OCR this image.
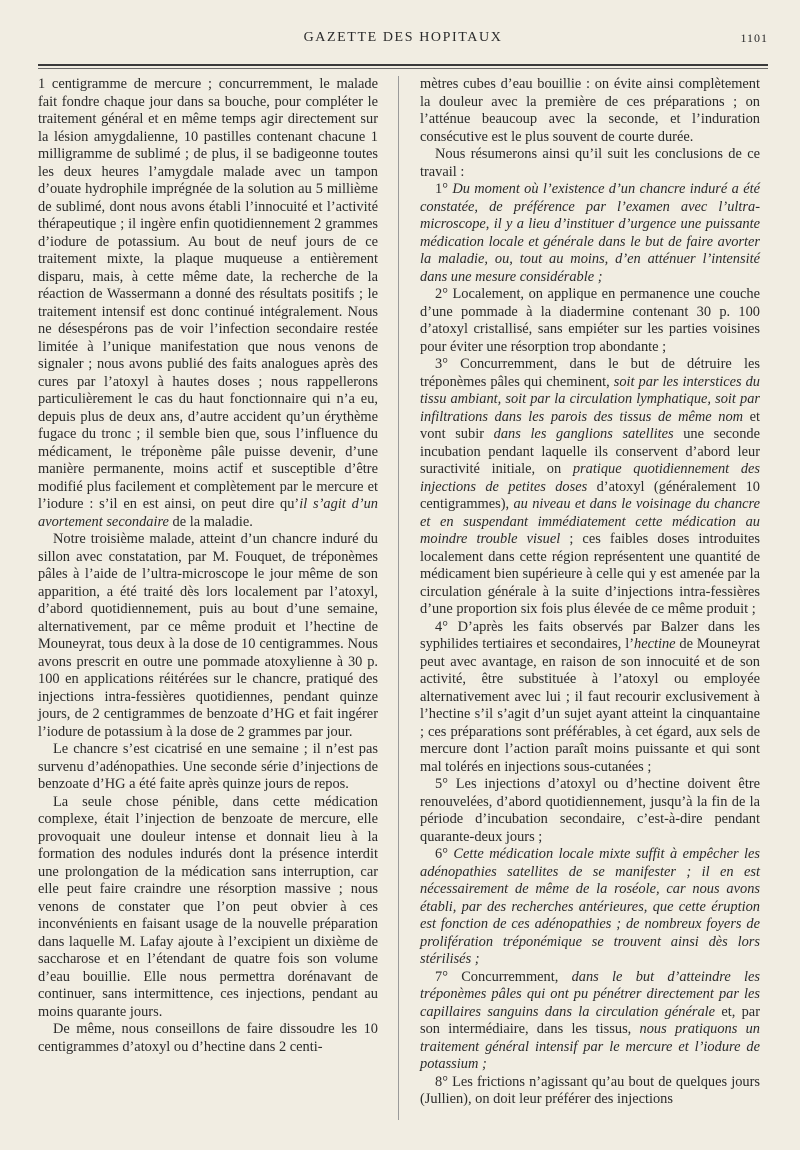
GAZETTE DES HOPITAUX	1101

1 centigramme de mercure ; concurremment, le malade fait fondre chaque jour dans sa bouche, pour compléter le traitement général et en même temps agir directement sur la lésion amygdalienne, 10 pastilles contenant chacune 1 milligramme de sublimé ; de plus, il se badigeonne toutes les deux heures l’amygdale malade avec un tampon d’ouate hydrophile imprégnée de la solution au 5 millième de sublimé, dont nous avons établi l’innocuité et l’activité thérapeutique ; il ingère enfin quotidiennement 2 grammes d’iodure de potassium. Au bout de neuf jours de ce traitement mixte, la plaque muqueuse a entièrement disparu, mais, à cette même date, la recherche de la réaction de Wassermann a donné des résultats positifs ; le traitement intensif est donc continué intégralement. Nous ne désespérons pas de voir l’infection secondaire restée limitée à l’unique manifestation que nous venons de signaler ; nous avons publié des faits analogues après des cures par l’atoxyl à hautes doses ; nous rappellerons particulièrement le cas du haut fonctionnaire qui n’a eu, depuis plus de deux ans, d’autre accident qu’un érythème fugace du tronc ; il semble bien que, sous l’influence du médicament, le tréponème pâle puisse devenir, d’une manière permanente, moins actif et susceptible d’être modifié plus facilement et complètement par le mercure et l’iodure : s’il en est ainsi, on peut dire qu’il s’agit d’un avortement secondaire de la maladie.

Notre troisième malade, atteint d’un chancre induré du sillon avec constatation, par M. Fouquet, de tréponèmes pâles à l’aide de l’ultra-microscope le jour même de son apparition, a été traité dès lors localement par l’atoxyl, d’abord quotidiennement, puis au bout d’une semaine, alternativement, par ce même produit et l’hectine de Mouneyrat, tous deux à la dose de 10 centigrammes. Nous avons prescrit en outre une pommade atoxylienne à 30 p. 100 en applications réitérées sur le chancre, pratiqué des injections intra-fessières quotidiennes, pendant quinze jours, de 2 centigrammes de benzoate d’HG et fait ingérer l’iodure de potassium à la dose de 2 grammes par jour.

Le chancre s’est cicatrisé en une semaine ; il n’est pas survenu d’adénopathies. Une seconde série d’injections de benzoate d’HG a été faite après quinze jours de repos.

La seule chose pénible, dans cette médication complexe, était l’injection de benzoate de mercure, elle provoquait une douleur intense et donnait lieu à la formation des nodules indurés dont la présence interdit une prolongation de la médication sans interruption, car elle peut faire craindre une résorption massive ; nous venons de constater que l’on peut obvier à ces inconvénients en faisant usage de la nouvelle préparation dans laquelle M. Lafay ajoute à l’excipient un dixième de saccharose et en l’étendant de quatre fois son volume d’eau bouillie. Elle nous permettra dorénavant de continuer, sans intermittence, ces injections, pendant au moins quarante jours.

De même, nous conseillons de faire dissoudre les 10 centigrammes d’atoxyl ou d’hectine dans 2 centi-

mètres cubes d’eau bouillie : on évite ainsi complètement la douleur avec la première de ces préparations ; on l’atténue beaucoup avec la seconde, et l’induration consécutive est le plus souvent de courte durée.

Nous résumerons ainsi qu’il suit les conclusions de ce travail :

1° Du moment où l’existence d’un chancre induré a été constatée, de préférence par l’examen avec l’ultra-microscope, il y a lieu d’instituer d’urgence une puissante médication locale et générale dans le but de faire avorter la maladie, ou, tout au moins, d’en atténuer l’intensité dans une mesure considérable ;

2° Localement, on applique en permanence une couche d’une pommade à la diadermine contenant 30 p. 100 d’atoxyl cristallisé, sans empiéter sur les parties voisines pour éviter une résorption trop abondante ;

3° Concurremment, dans le but de détruire les tréponèmes pâles qui cheminent, soit par les interstices du tissu ambiant, soit par la circulation lymphatique, soit par infiltrations dans les parois des tissus de même nom et vont subir dans les ganglions satellites une seconde incubation pendant laquelle ils conservent d’abord leur suractivité initiale, on pratique quotidiennement des injections de petites doses d’atoxyl (généralement 10 centigrammes), au niveau et dans le voisinage du chancre et en suspendant immédiatement cette médication au moindre trouble visuel ; ces faibles doses introduites localement dans cette région représentent une quantité de médicament bien supérieure à celle qui y est amenée par la circulation générale à la suite d’injections intra-fessières d’une proportion six fois plus élevée de ce même produit ;

4° D’après les faits observés par Balzer dans les syphilides tertiaires et secondaires, l’hectine de Mouneyrat peut avec avantage, en raison de son innocuité et de son activité, être substituée à l’atoxyl ou employée alternativement avec lui ; il faut recourir exclusivement à l’hectine s’il s’agit d’un sujet ayant atteint la cinquantaine ; ces préparations sont préférables, à cet égard, aux sels de mercure dont l’action paraît moins puissante et qui sont mal tolérés en injections sous-cutanées ;

5° Les injections d’atoxyl ou d’hectine doivent être renouvelées, d’abord quotidiennement, jusqu’à la fin de la période d’incubation secondaire, c’est-à-dire pendant quarante-deux jours ;

6° Cette médication locale mixte suffit à empêcher les adénopathies satellites de se manifester ; il en est nécessairement de même de la roséole, car nous avons établi, par des recherches antérieures, que cette éruption est fonction de ces adénopathies ; de nombreux foyers de prolifération tréponémique se trouvent ainsi dès lors stérilisés ;

7° Concurremment, dans le but d’atteindre les tréponèmes pâles qui ont pu pénétrer directement par les capillaires sanguins dans la circulation générale et, par son intermédiaire, dans les tissus, nous pratiquons un traitement général intensif par le mercure et l’iodure de potassium ;

8° Les frictions n’agissant qu’au bout de quelques jours (Jullien), on doit leur préférer des injections
